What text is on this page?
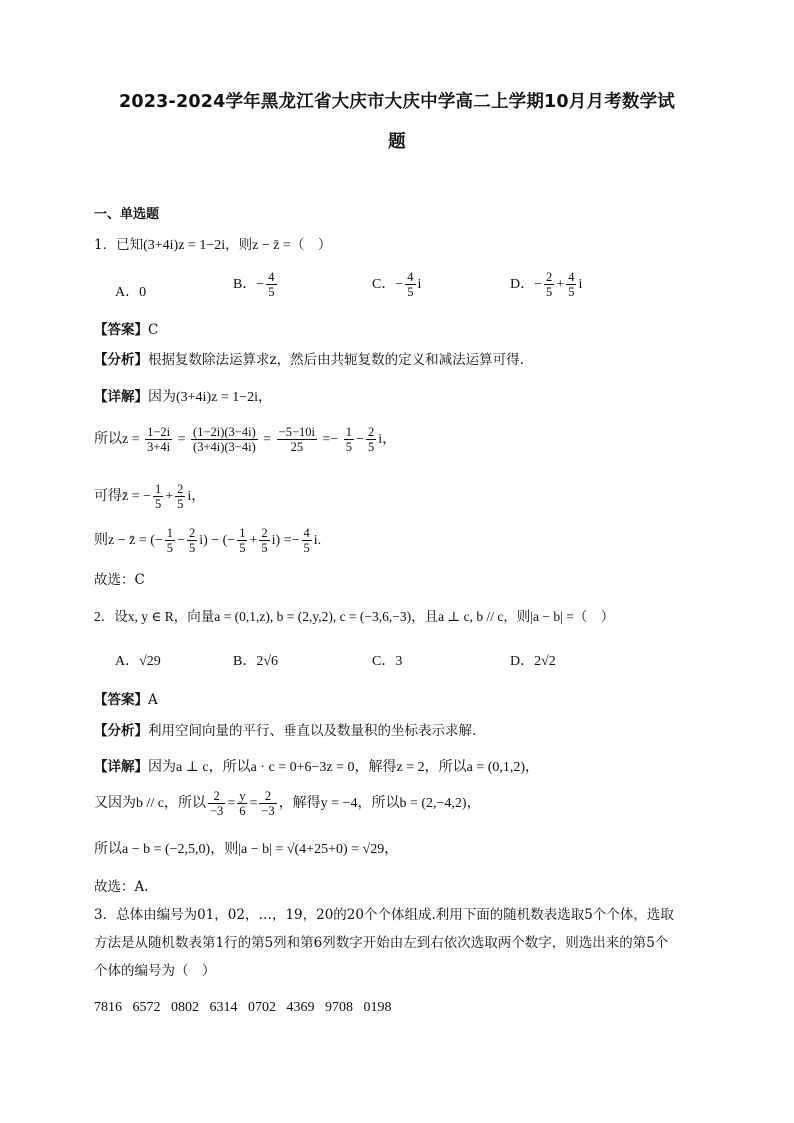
2023-2024学年黑龙江省大庆市大庆中学高二上学期10月月考数学试
题
一、单选题
1．已知(3+4i)z = 1−2i，则z − z̄ =（　）
A．0
B．− $\frac{4}{5}$	C．− $\frac{4}{5}$ i	D．− $\frac{2}{5} + \frac{4}{5}$ i
【答案】C
【分析】根据复数除法运算求z，然后由共轭复数的定义和减法运算可得.
【详解】因为(3+4i)z = 1−2i，
所以$z = \frac{1-2i}{3+4i} = \frac{(1-2i)(3-4i)}{(3+4i)(3-4i)} = \frac{-5-10i}{25} =- \frac{1}{5} - \frac{2}{5}$ i，
可得z̄ = − $\frac{1}{5} + \frac{2}{5}$ i，
则z − z̄ = (− $\frac{1}{5} - \frac{2}{5} i$) − (− $\frac{1}{5} + \frac{2}{5} i) =- \frac{4}{5} i$.
故选：C
2．设x, y ∈ R，向量a = (0,1,z), b = (2,y,2), c = (−3,6,−3)，且a ⊥ c, b // c，则|a − b| =（　）
A．√29	B．2√6	C．3	D．2√2
【答案】A
【分析】利用空间向量的平行、垂直以及数量积的坐标表示求解.
【详解】因为a ⊥ c，所以a · c = 0+6−3z = 0，解得z = 2，所以a = (0,1,2)，
又因为b // c，所以 $\frac{2}{-3} = \frac{y}{6} = \frac{2}{-3}$ ，解得y = −4，所以b = (2,−4,2)，
所以a − b = (−2,5,0)，则|a − b| = √(4+25+0) = √29，
故选：A.
3．总体由编号为01，02，…，19，20的20个个体组成.利用下面的随机数表选取5个个体，选取
方法是从随机数表第1行的第5列和第6列数字开始由左到右依次选取两个数字，则选出来的第5个
个体的编号为（　）
7816 6572 0802 6314 0702 4369 9708 0198
